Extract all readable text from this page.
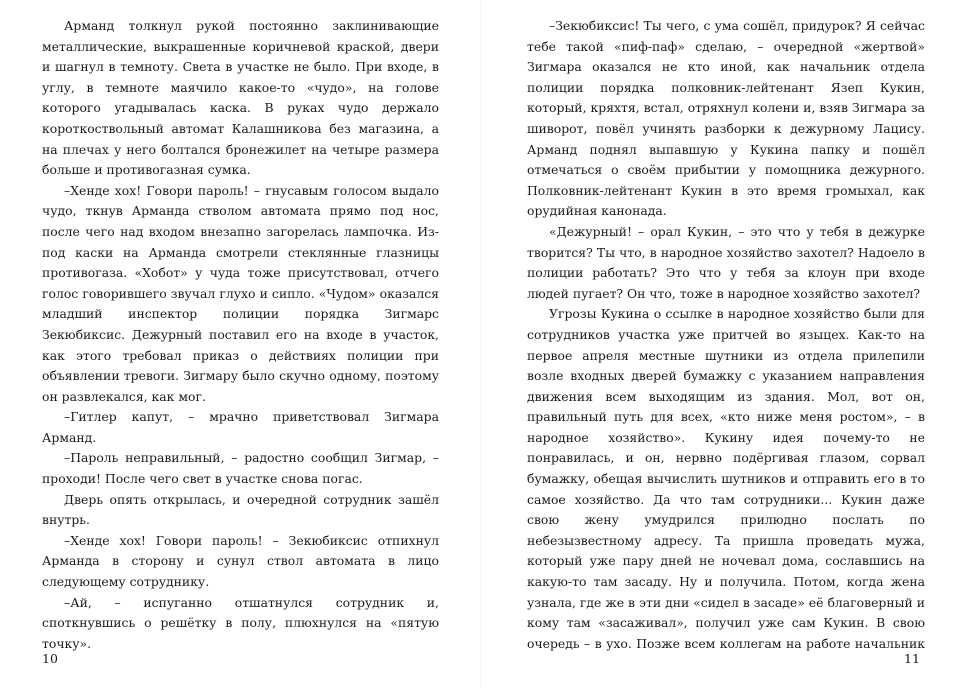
Арманд толкнул рукой постоянно заклинивающие металлические, выкрашенные коричневой краской, двери и шагнул в темноту. Света в участке не было. При входе, в углу, в темноте маячило какое-то «чудо», на голове которого угадывалась каска. В руках чудо держало короткоствольный автомат Калашникова без магазина, а на плечах у него болтался бронежилет на четыре размера больше и противогазная сумка.

–Хенде хох! Говори пароль! – гнусавым голосом выдало чудо, ткнув Арманда стволом автомата прямо под нос, после чего над входом внезапно загорелась лампочка. Из-под каски на Арманда смотрели стеклянные глазницы противогаза. «Хобот» у чуда тоже присутствовал, отчего голос говорившего звучал глухо и сипло. «Чудом» оказался младший инспектор полиции порядка Зигмарс Зекюбиксис. Дежурный поставил его на входе в участок, как этого требовал приказ о действиях полиции при объявлении тревоги. Зигмару было скучно одному, поэтому он развлекался, как мог.

–Гитлер капут, – мрачно приветствовал Зигмара Арманд.

–Пароль неправильный, – радостно сообщил Зигмар, – проходи! После чего свет в участке снова погас.

Дверь опять открылась, и очередной сотрудник зашёл внутрь.

–Хенде хох! Говори пароль! – Зекюбиксис отпихнул Арманда в сторону и сунул ствол автомата в лицо следующему сотруднику.

–Ай, – испуганно отшатнулся сотрудник и, споткнувшись о решётку в полу, плюхнулся на «пятую точку».

10

–Зекюбиксис! Ты чего, с ума сошёл, придурок? Я сейчас тебе такой «пиф-паф» сделаю, – очередной «жертвой» Зигмара оказался не кто иной, как начальник отдела полиции порядка полковник-лейтенант Язеп Кукин, который, кряхтя, встал, отряхнул колени и, взяв Зигмара за шиворот, повёл учинять разборки к дежурному Лацису. Арманд поднял выпавшую у Кукина папку и пошёл отмечаться о своём прибытии у помощника дежурного. Полковник-лейтенант Кукин в это время громыхал, как орудийная канонада.

«Дежурный! – орал Кукин, – это что у тебя в дежурке творится? Ты что, в народное хозяйство захотел? Надоело в полиции работать? Это что у тебя за клоун при входе людей пугает? Он что, тоже в народное хозяйство захотел?

Угрозы Кукина о ссылке в народное хозяйство были для сотрудников участка уже притчей во языцех. Как-то на первое апреля местные шутники из отдела прилепили возле входных дверей бумажку с указанием направления движения всем выходящим из здания. Мол, вот он, правильный путь для всех, «кто ниже меня ростом», – в народное хозяйство». Кукину идея почему-то не понравилась, и он, нервно подёргивая глазом, сорвал бумажку, обещая вычислить шутников и отправить его в то самое хозяйство. Да что там сотрудники... Кукин даже свою жену умудрился прилюдно послать по небезызвестному адресу. Та пришла проведать мужа, который уже пару дней не ночевал дома, сославшись на какую-то там засаду. Ну и получила. Потом, когда жена узнала, где же в эти дни «сидел в засаде» её благоверный и кому там «засаживал», получил уже сам Кукин. В свою очередь – в ухо. Позже всем коллегам на работе начальник

11
